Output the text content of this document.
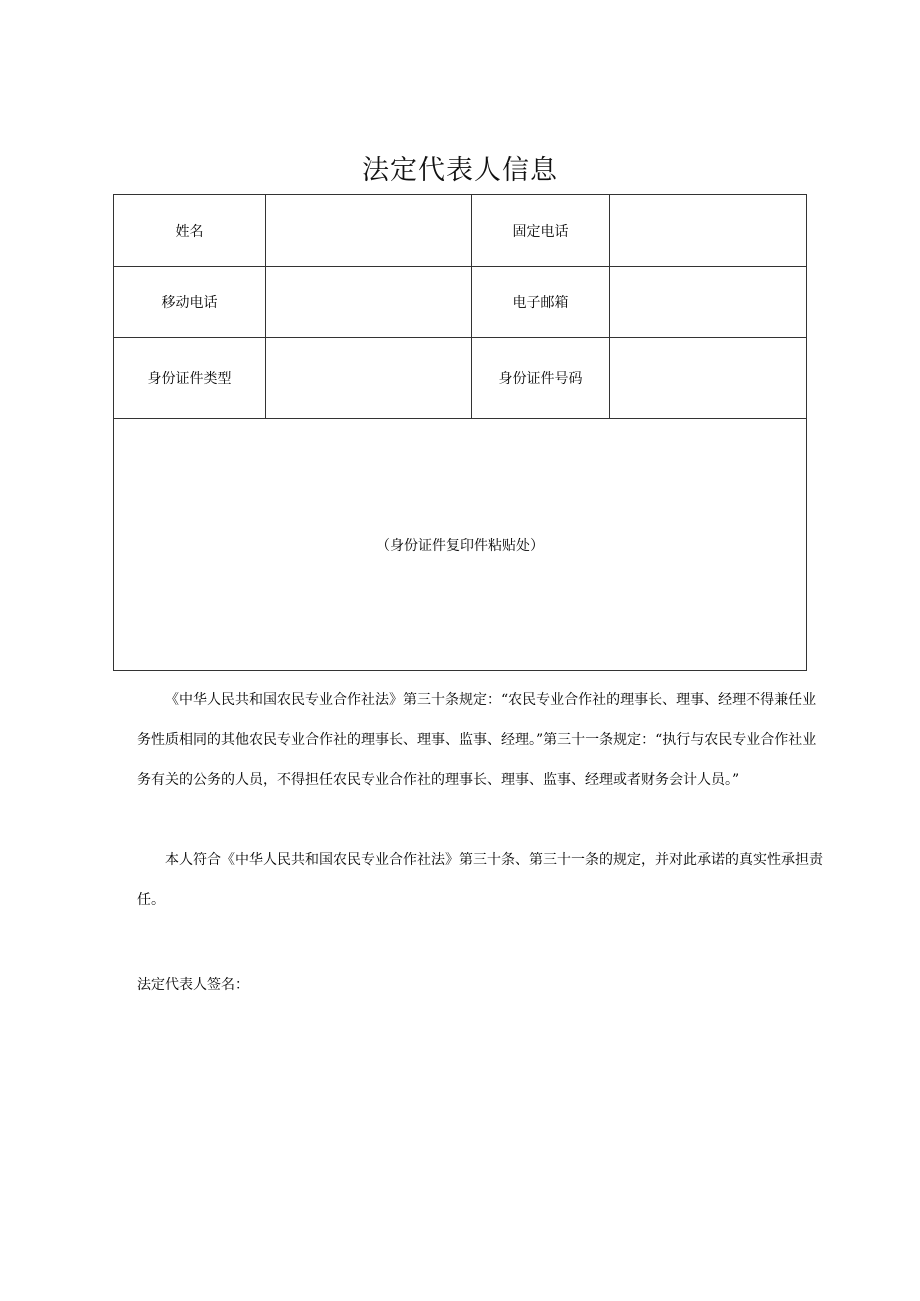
法定代表人信息
姓名		固定电话	
移动电话		电子邮箱	
身份证件类型		身份证件号码	
（身份证件复印件粘贴处）			

《中华人民共和国农民专业合作社法》第三十条规定：“农民专业合作社的理事长、理事、经理不得兼任业务性质相同的其他农民专业合作社的理事长、理事、监事、经理。”第三十一条规定：“执行与农民专业合作社业务有关的公务的人员，不得担任农民专业合作社的理事长、理事、监事、经理或者财务会计人员。”

本人符合《中华人民共和国农民专业合作社法》第三十条、第三十一条的规定，并对此承诺的真实性承担责任。

法定代表人签名：
